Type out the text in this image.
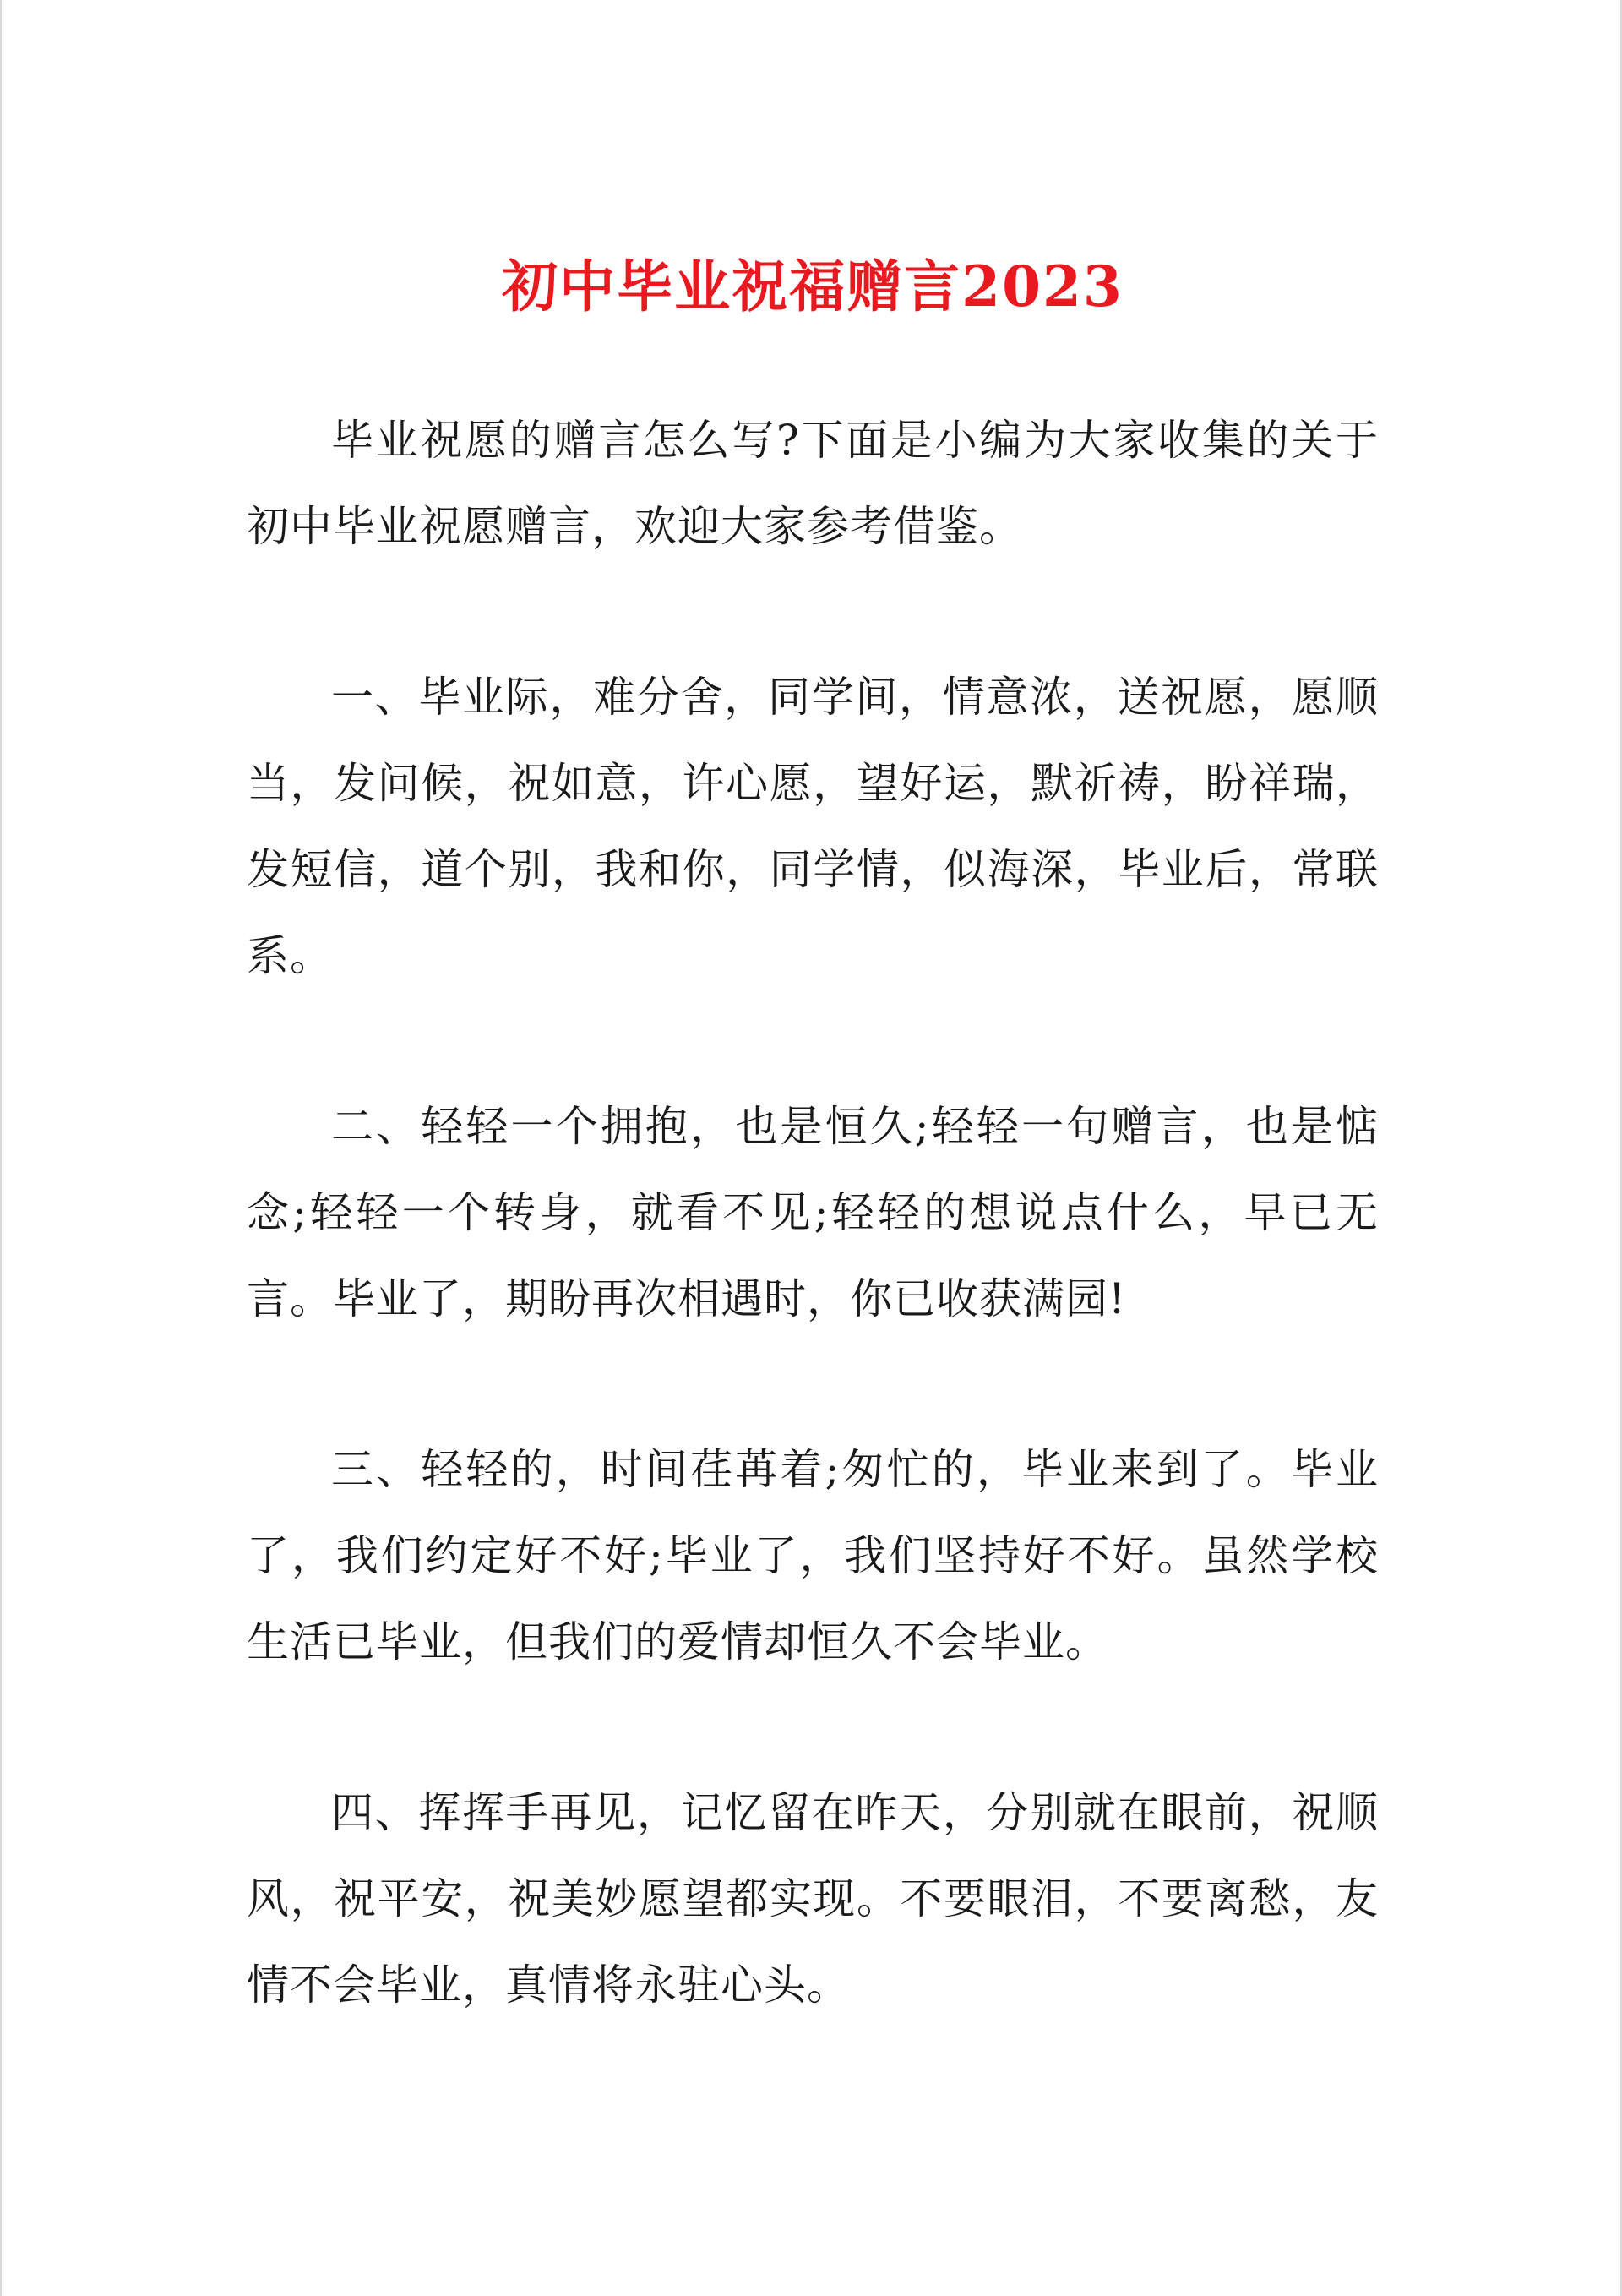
初中毕业祝福赠言2023

毕业祝愿的赠言怎么写?下面是小编为大家收集的关于初中毕业祝愿赠言，欢迎大家参考借鉴。

一、毕业际，难分舍，同学间，情意浓，送祝愿，愿顺当，发问候，祝如意，许心愿，望好运，默祈祷，盼祥瑞，发短信，道个别，我和你，同学情，似海深，毕业后，常联系。

二、轻轻一个拥抱，也是恒久;轻轻一句赠言，也是惦念;轻轻一个转身，就看不见;轻轻的想说点什么，早已无言。毕业了，期盼再次相遇时，你已收获满园!

三、轻轻的，时间荏苒着;匆忙的，毕业来到了。毕业了，我们约定好不好;毕业了，我们坚持好不好。虽然学校生活已毕业，但我们的爱情却恒久不会毕业。

四、挥挥手再见，记忆留在昨天，分别就在眼前，祝顺风，祝平安，祝美妙愿望都实现。不要眼泪，不要离愁，友情不会毕业，真情将永驻心头。
